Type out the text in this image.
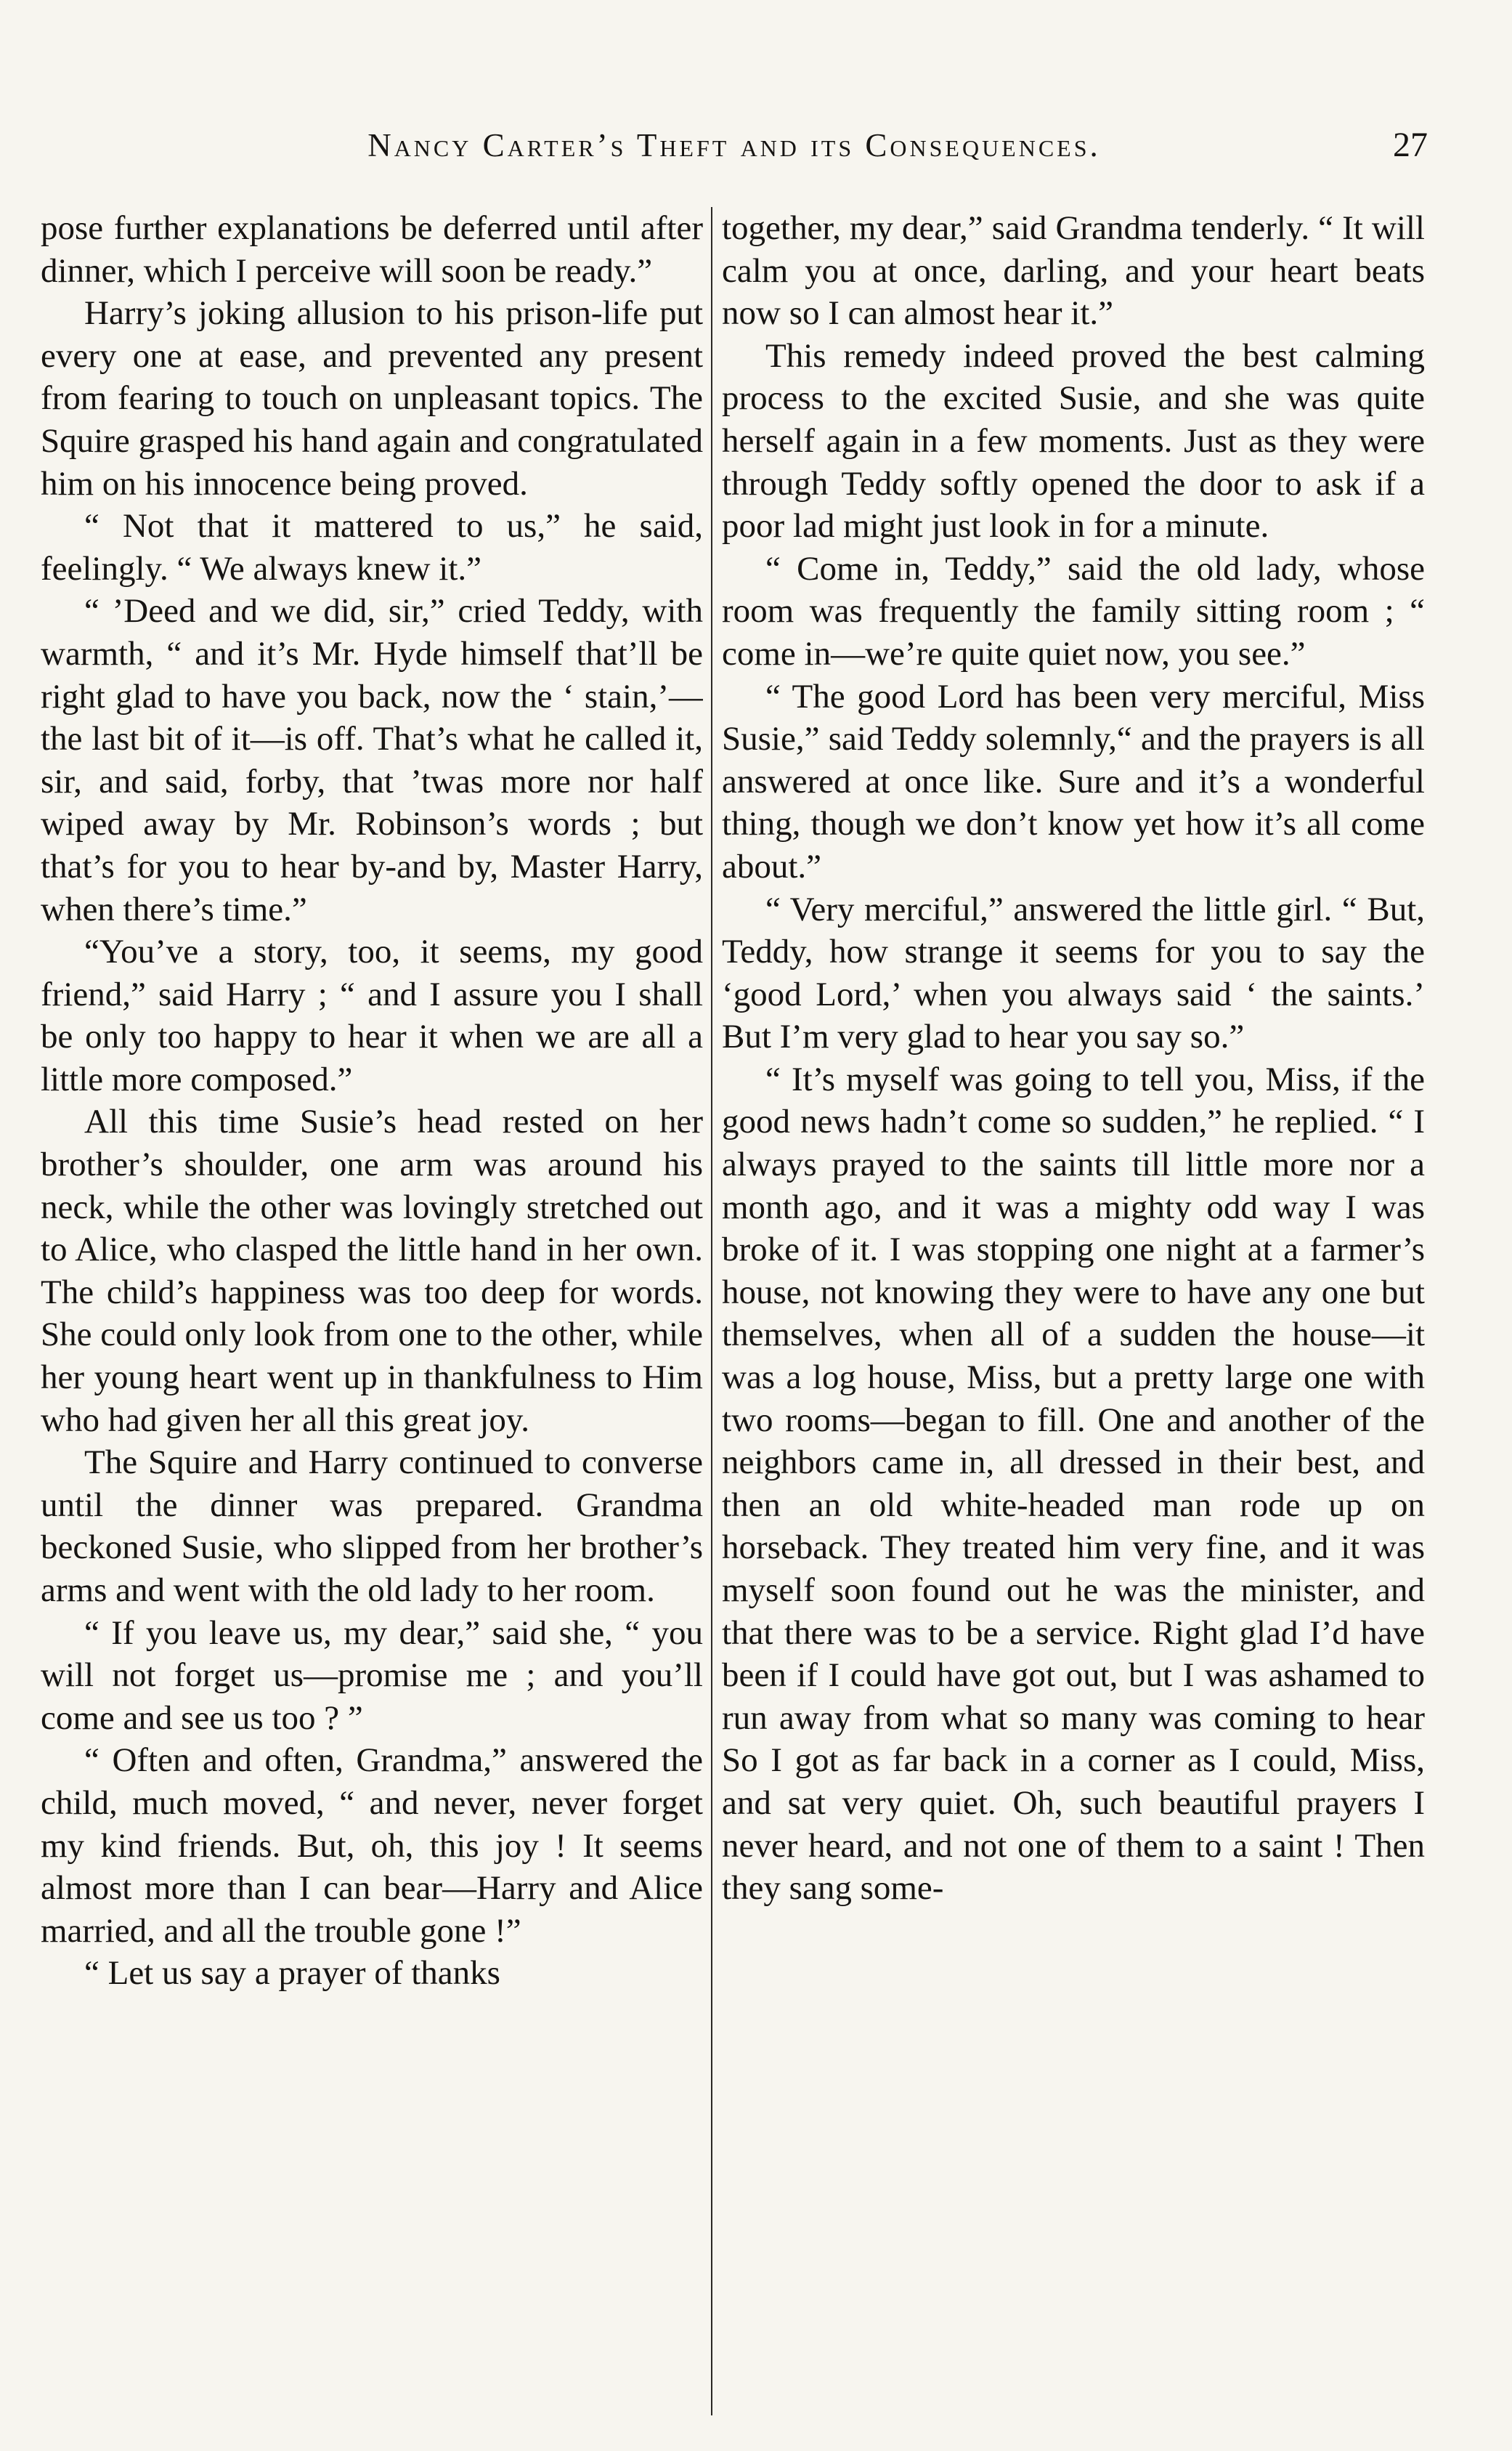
Nancy Carter’s Theft and its Consequences.	27

pose further explanations be deferred until after dinner, which I perceive will soon be ready.”

Harry’s joking allusion to his prison-life put every one at ease, and prevented any present from fearing to touch on unpleasant topics. The Squire grasped his hand again and congratulated him on his innocence being proved.

“ Not that it mattered to us,” he said, feelingly. “ We always knew it.”

“ ’Deed and we did, sir,” cried Teddy, with warmth, “ and it’s Mr. Hyde himself that’ll be right glad to have you back, now the ‘ stain,’—the last bit of it—is off. That’s what he called it, sir, and said, forby, that ’twas more nor half wiped away by Mr. Robinson’s words ; but that’s for you to hear by-and by, Master Harry, when there’s time.”

“You’ve a story, too, it seems, my good friend,” said Harry ; “ and I assure you I shall be only too happy to hear it when we are all a little more composed.”

All this time Susie’s head rested on her brother’s shoulder, one arm was around his neck, while the other was lovingly stretched out to Alice, who clasped the little hand in her own. The child’s happiness was too deep for words. She could only look from one to the other, while her young heart went up in thankfulness to Him who had given her all this great joy.

The Squire and Harry continued to converse until the dinner was prepared. Grandma beckoned Susie, who slipped from her brother’s arms and went with the old lady to her room.

“ If you leave us, my dear,” said she, “ you will not forget us—promise me ; and you’ll come and see us too ? ”

“ Often and often, Grandma,” answered the child, much moved, “ and never, never forget my kind friends. But, oh, this joy ! It seems almost more than I can bear—Harry and Alice married, and all the trouble gone !”

“ Let us say a prayer of thanks

together, my dear,” said Grandma tenderly. “ It will calm you at once, darling, and your heart beats now so I can almost hear it.”

This remedy indeed proved the best calming process to the excited Susie, and she was quite herself again in a few moments. Just as they were through Teddy softly opened the door to ask if a poor lad might just look in for a minute.

“ Come in, Teddy,” said the old lady, whose room was frequently the family sitting room ; “ come in—we’re quite quiet now, you see.”

“ The good Lord has been very merciful, Miss Susie,” said Teddy solemnly,“ and the prayers is all answered at once like. Sure and it’s a wonderful thing, though we don’t know yet how it’s all come about.”

“ Very merciful,” answered the little girl. “ But, Teddy, how strange it seems for you to say the ‘good Lord,’ when you always said ‘ the saints.’ But I’m very glad to hear you say so.”

“ It’s myself was going to tell you, Miss, if the good news hadn’t come so sudden,” he replied. “ I always prayed to the saints till little more nor a month ago, and it was a mighty odd way I was broke of it. I was stopping one night at a farmer’s house, not knowing they were to have any one but themselves, when all of a sudden the house—it was a log house, Miss, but a pretty large one with two rooms—began to fill. One and another of the neighbors came in, all dressed in their best, and then an old white-headed man rode up on horseback. They treated him very fine, and it was myself soon found out he was the minister, and that there was to be a service. Right glad I’d have been if I could have got out, but I was ashamed to run away from what so many was coming to hear So I got as far back in a corner as I could, Miss, and sat very quiet. Oh, such beautiful prayers I never heard, and not one of them to a saint ! Then they sang some-
